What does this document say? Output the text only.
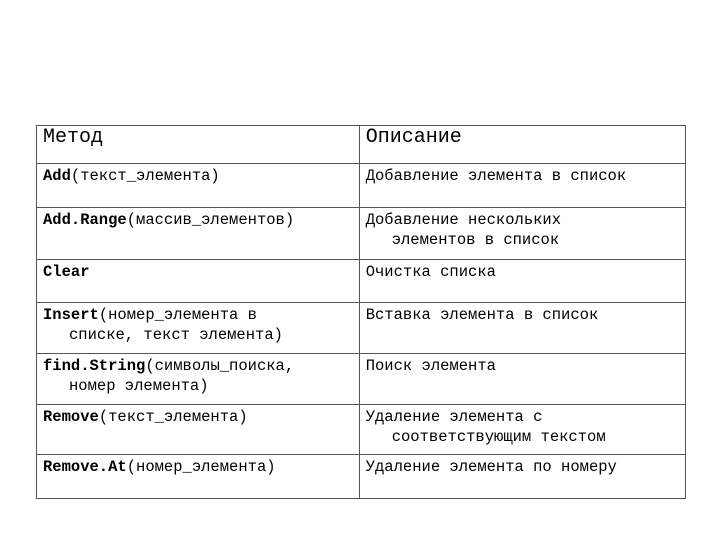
Метод	Описание
Add(текст_элемента)	Добавление элемента в список
Add.Range(массив_элементов)	Добавление нескольких
элементов в список

Clear	Очистка списка
Insert(номер_элемента в
списке, текст элемента)	Вставка элемента в список
find.String(символы_поиска,
номер элемента)	Поиск элемента
Remove(текст_элемента)	Удаление элемента с
соответствующим текстом

Remove.At(номер_элемента)	Удаление элемента по номеру
